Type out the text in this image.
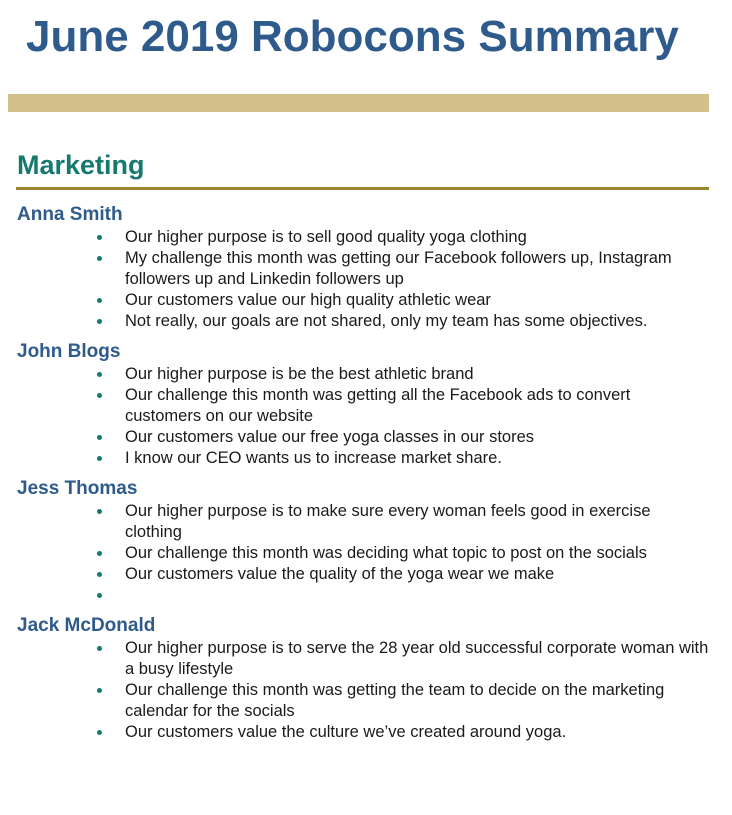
June 2019 Robocons Summary
Marketing
Anna Smith
Our higher purpose is to sell good quality yoga clothing
My challenge this month was getting our Facebook followers up, Instagram followers up and Linkedin followers up
Our customers value our high quality athletic wear
Not really, our goals are not shared, only my team has some objectives.
John Blogs
Our higher purpose is be the best athletic brand
Our challenge this month was getting all the Facebook ads to convert customers on our website
Our customers value our free yoga classes in our stores
I know our CEO wants us to increase market share.
Jess Thomas
Our higher purpose is to make sure every woman feels good in exercise clothing
Our challenge this month was deciding what topic to post on the socials
Our customers value the quality of the yoga wear we make
Jack McDonald
Our higher purpose is to serve the 28 year old successful corporate woman with a busy lifestyle
Our challenge this month was getting the team to decide on the marketing calendar for the socials
Our customers value the culture we’ve created around yoga.
